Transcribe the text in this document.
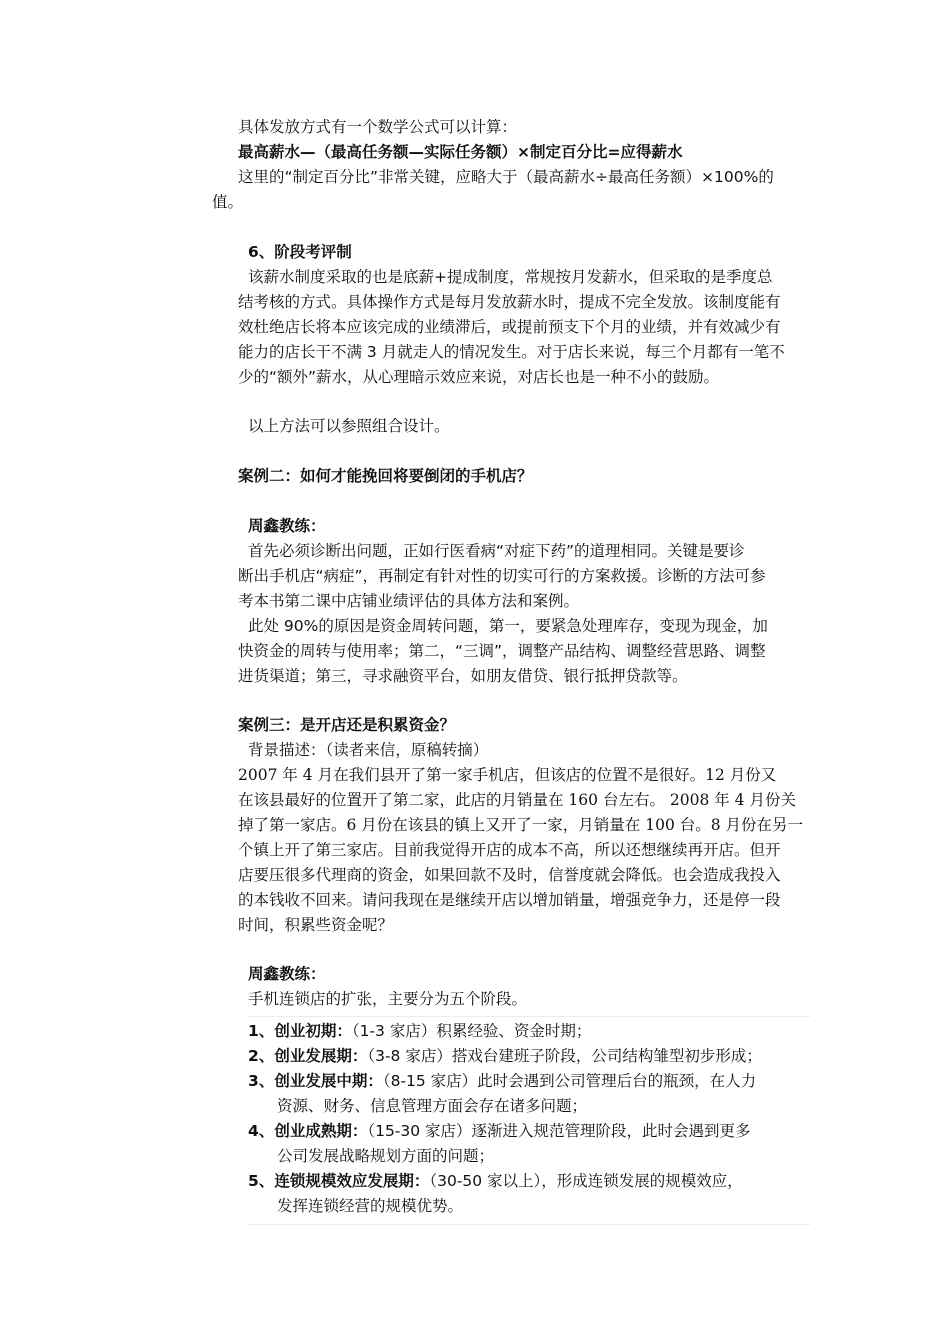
具体发放方式有一个数学公式可以计算：
最高薪水—（最高任务额—实际任务额）×制定百分比=应得薪水
这里的“制定百分比”非常关键，应略大于（最高薪水÷最高任务额）×100%的
值。
6、阶段考评制
该薪水制度采取的也是底薪+提成制度，常规按月发薪水，但采取的是季度总
结考核的方式。具体操作方式是每月发放薪水时，提成不完全发放。该制度能有
效杜绝店长将本应该完成的业绩滞后，或提前预支下个月的业绩，并有效减少有
能力的店长干不满 3 月就走人的情况发生。对于店长来说，每三个月都有一笔不
少的“额外”薪水，从心理暗示效应来说，对店长也是一种不小的鼓励。
以上方法可以参照组合设计。
案例二：如何才能挽回将要倒闭的手机店？
周鑫教练：
首先必须诊断出问题，正如行医看病“对症下药”的道理相同。关键是要诊
断出手机店“病症”，再制定有针对性的切实可行的方案救援。诊断的方法可参
考本书第二课中店铺业绩评估的具体方法和案例。
此处 90%的原因是资金周转问题，第一，要紧急处理库存，变现为现金，加
快资金的周转与使用率；第二，“三调”，调整产品结构、调整经营思路、调整
进货渠道；第三，寻求融资平台，如朋友借贷、银行抵押贷款等。
案例三：是开店还是积累资金？
背景描述：（读者来信，原稿转摘）
2007 年 4 月在我们县开了第一家手机店，但该店的位置不是很好。12 月份又
在该县最好的位置开了第二家，此店的月销量在 160 台左右。 2008 年 4 月份关
掉了第一家店。6 月份在该县的镇上又开了一家，月销量在 100 台。8 月份在另一
个镇上开了第三家店。目前我觉得开店的成本不高，所以还想继续再开店。但开
店要压很多代理商的资金，如果回款不及时，信誉度就会降低。也会造成我投入
的本钱收不回来。请问我现在是继续开店以增加销量，增强竞争力，还是停一段
时间，积累些资金呢？
周鑫教练：
手机连锁店的扩张，主要分为五个阶段。
1、创业初期：（1-3 家店）积累经验、资金时期；
2、创业发展期：（3-8 家店）搭戏台建班子阶段，公司结构雏型初步形成；
3、创业发展中期：（8-15 家店）此时会遇到公司管理后台的瓶颈，在人力
资源、财务、信息管理方面会存在诸多问题；
4、创业成熟期：（15-30 家店）逐渐进入规范管理阶段，此时会遇到更多
公司发展战略规划方面的问题；
5、连锁规模效应发展期：（30-50 家以上），形成连锁发展的规模效应，
发挥连锁经营的规模优势。
